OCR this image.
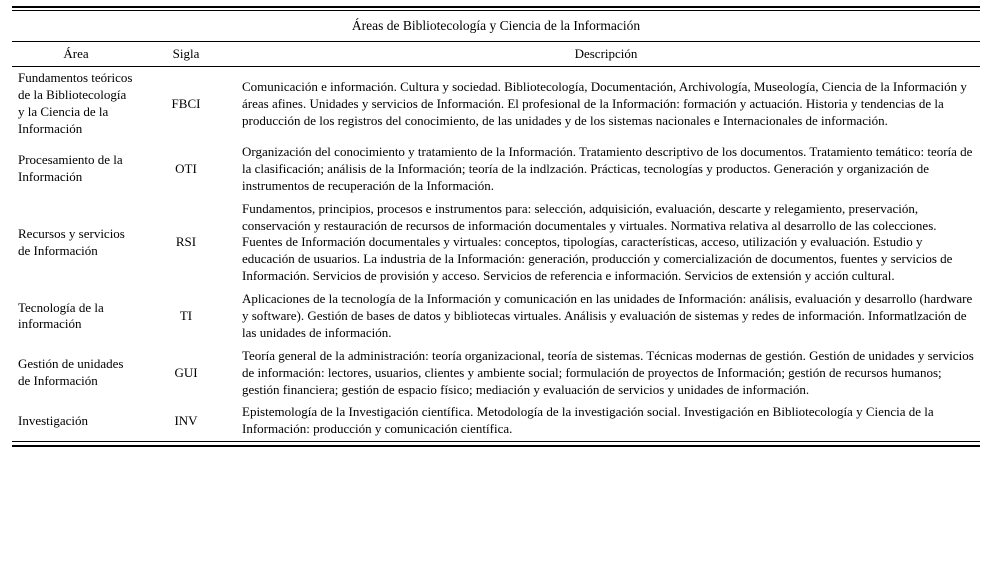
Áreas de Bibliotecología y Ciencia de la Información		
Área	Sigla	Descripción
Fundamentos teóricos de la Bibliotecología y la Ciencia de la Información	FBCI	Comunicación e información. Cultura y sociedad. Bibliotecología, Documentación, Archivología, Museología, Ciencia de la Información y áreas afines. Unidades y servicios de Información. El profesional de la Información: formación y actuación. Historia y tendencias de la producción de los registros del conocimiento, de las unidades y de los sistemas nacionales e Internacionales de información.
Procesamiento de la Información	OTI	Organización del conocimiento y tratamiento de la Información. Tratamiento descriptivo de los documentos. Tratamiento temático: teoría de la clasificación; análisis de la Información; teoría de la indlzación. Prácticas, tecnologías y productos. Generación y organización de instrumentos de recuperación de la Información.
Recursos y servicios de Información	RSI	Fundamentos, principios, procesos e instrumentos para: selección, adquisición, evaluación, descarte y relegamiento, preservación, conservación y restauración de recursos de información documentales y virtuales. Normativa relativa al desarrollo de las colecciones. Fuentes de Información documentales y virtuales: conceptos, tipologías, características, acceso, utilización y evaluación. Estudio y educación de usuarios. La industria de la Información: generación, producción y comercialización de documentos, fuentes y servicios de Información. Servicios de provisión y acceso. Servicios de referencia e información. Servicios de extensión y acción cultural.
Tecnología de la información	TI	Aplicaciones de la tecnología de la Información y comunicación en las unidades de Información: análisis, evaluación y desarrollo (hardware y software). Gestión de bases de datos y bibliotecas virtuales. Análisis y evaluación de sistemas y redes de información. Informatlzación de las unidades de información.
Gestión de unidades de Información	GUI	Teoría general de la administración: teoría organizacional, teoría de sistemas. Técnicas modernas de gestión. Gestión de unidades y servicios de información: lectores, usuarios, clientes y ambiente social; formulación de proyectos de Información; gestión de recursos humanos; gestión financiera; gestión de espacio físico; mediación y evaluación de servicios y unidades de información.
Investigación	INV	Epistemología de la Investigación científica. Metodología de la investigación social. Investigación en Bibliotecología y Ciencia de la Información: producción y comunicación científica.
